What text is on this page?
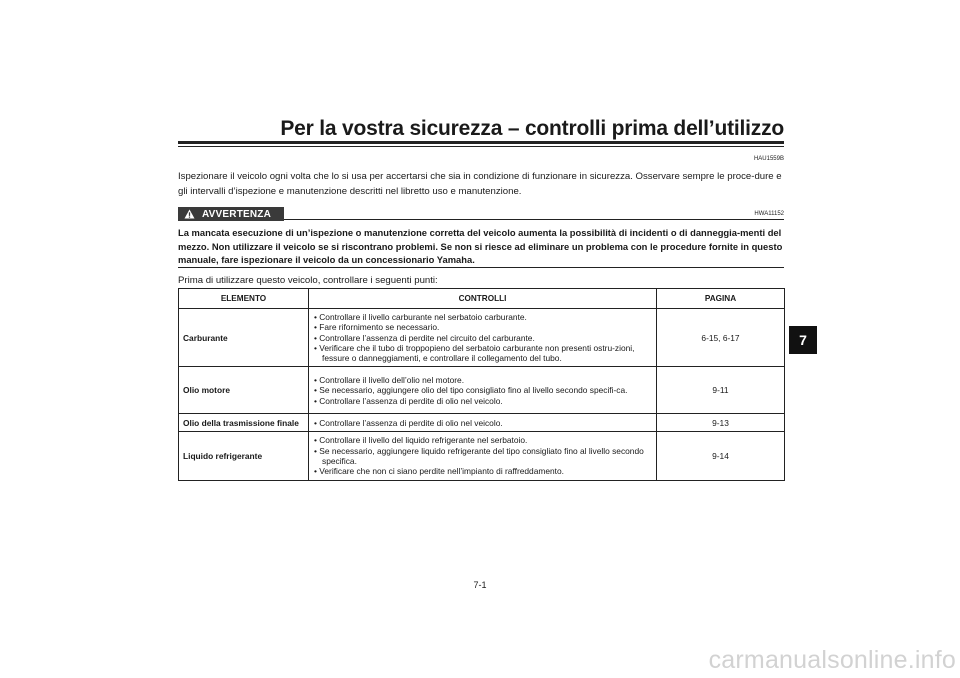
Per la vostra sicurezza – controlli prima dell’utilizzo
HAU1559B

Ispezionare il veicolo ogni volta che lo si usa per accertarsi che sia in condizione di funzionare in sicurezza. Osservare sempre le proce-dure e gli intervalli d’ispezione e manutenzione descritti nel libretto uso e manutenzione.

AVVERTENZA	HWA11152

La mancata esecuzione di un’ispezione o manutenzione corretta del veicolo aumenta la possibilità di incidenti o di danneggia-menti del mezzo. Non utilizzare il veicolo se si riscontrano problemi. Se non si riesce ad eliminare un problema con le procedure fornite in questo manuale, fare ispezionare il veicolo da un concessionario Yamaha.

Prima di utilizzare questo veicolo, controllare i seguenti punti:
ELEMENTO	CONTROLLI	PAGINA
Carburante	• Controllare il livello carburante nel serbatoio carburante.
• Fare rifornimento se necessario.
• Controllare l’assenza di perdite nel circuito del carburante.
• Verificare che il tubo di troppopieno del serbatoio carburante non presenti ostru-zioni, fessure o danneggiamenti, e controllare il collegamento del tubo.	6-15, 6-17
Olio motore	• Controllare il livello dell’olio nel motore.
• Se necessario, aggiungere olio del tipo consigliato fino al livello secondo specifi-ca.
• Controllare l’assenza di perdite di olio nel veicolo.	9-11
Olio della trasmissione finale	• Controllare l’assenza di perdite di olio nel veicolo.	9-13
Liquido refrigerante	• Controllare il livello del liquido refrigerante nel serbatoio.
• Se necessario, aggiungere liquido refrigerante del tipo consigliato fino al livello secondo specifica.
• Verificare che non ci siano perdite nell’impianto di raffreddamento.	9-14
7
7-1
carmanualsonline.info
